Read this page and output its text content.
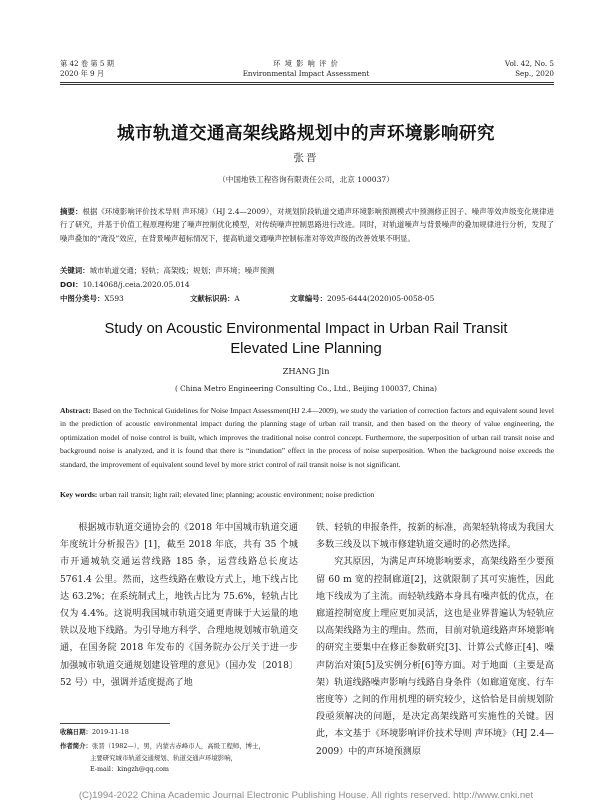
第 42 卷 第 5 期
2020 年 9 月
环 境 影 响 评 价
Environmental Impact Assessment
Vol. 42, No. 5
Sep., 2020
城市轨道交通高架线路规划中的声环境影响研究
张晋
（中国地铁工程咨询有限责任公司，北京 100037）
摘要：根据《环境影响评价技术导则 声环境》（HJ 2.4—2009），对规划阶段轨道交通声环境影响预测模式中预测修正因子、噪声等效声级变化规律进行了研究，并基于价值工程原理构建了噪声控制优化模型，对传统噪声控制思路进行改进。同时，对轨道噪声与背景噪声的叠加规律进行分析，发现了噪声叠加的“淹没”效应，在背景噪声超标情况下，提高轨道交通噪声控制标准对等效声级的改善效果不明显。
关键词：城市轨道交通；轻轨；高架线；规划；声环境；噪声预测
DOI：10.14068/j.ceia.2020.05.014
中图分类号：X593	文献标识码：A	文章编号：2095-6444(2020)05-0058-05
Study on Acoustic Environmental Impact in Urban Rail Transit
Elevated Line Planning
ZHANG Jin
( China Metro Engineering Consulting Co., Ltd., Beijing 100037, China)
Abstract: Based on the Technical Guidelines for Noise Impact Assessment(HJ 2.4—2009), we study the variation of correction factors and equivalent sound level in the prediction of acoustic environmental impact during the planning stage of urban rail transit, and then based on the theory of value engineering, the optimization model of noise control is built, which improves the traditional noise control concept. Furthermore, the superposition of urban rail transit noise and background noise is analyzed, and it is found that there is “inundation” effect in the process of noise superposition. When the background noise exceeds the standard, the improvement of equivalent sound level by more strict control of rail transit noise is not significant.
Key words: urban rail transit; light rail; elevated line; planning; acoustic environment; noise prediction

根据城市轨道交通协会的《2018 年中国城市轨道交通年度统计分析报告》[1]，截至 2018 年底，共有 35 个城市开通城轨交通运营线路 185 条，运营线路总长度达 5761.4 公里。然而，这些线路在敷设方式上，地下线占比达 63.2%；在系统制式上，地铁占比为 75.6%，轻轨占比仅为 4.4%。这说明我国城市轨道交通更青睐于大运量的地铁以及地下线路。为引导地方科学、合理地规划城市轨道交通，在国务院 2018 年发布的《国务院办公厅关于进一步加强城市轨道交通规划建设管理的意见》（国办发〔2018〕52 号）中，强调并适度提高了地

铁、轻轨的申报条件，按新的标准，高架轻轨将成为我国大多数三线及以下城市修建轨道交通时的必然选择。

究其原因，为满足声环境影响要求，高架线路至少要预留 60 m 宽的控制廊道[2]，这就限制了其可实施性，因此地下线成为了主流。而轻轨线路本身具有噪声低的优点，在廊道控制宽度上理应更加灵活，这也是业界普遍认为轻轨应以高架线路为主的理由。然而，目前对轨道线路声环境影响的研究主要集中在修正参数研究[3]、计算公式修正[4]、噪声防治对策[5]及实例分析[6]等方面。对于地面（主要是高架）轨道线路噪声影响与线路自身条件（如廊道宽度、行车密度等）之间的作用机理的研究较少，这恰恰是目前规划阶段亟须解决的问题，是决定高架线路可实施性的关键。因此，本文基于《环境影响评价技术导则 声环境》（HJ 2.4—2009）中的声环境预测原

收稿日期：2019-11-18
作者简介：张晋（1982—），男，内蒙古赤峰市人，高级工程师，博士，
主要研究城市轨道交通规划、轨道交通声环境影响，
E-mail：kingzh@qq.com
(C)1994-2022 China Academic Journal Electronic Publishing House. All rights reserved. http://www.cnki.net
